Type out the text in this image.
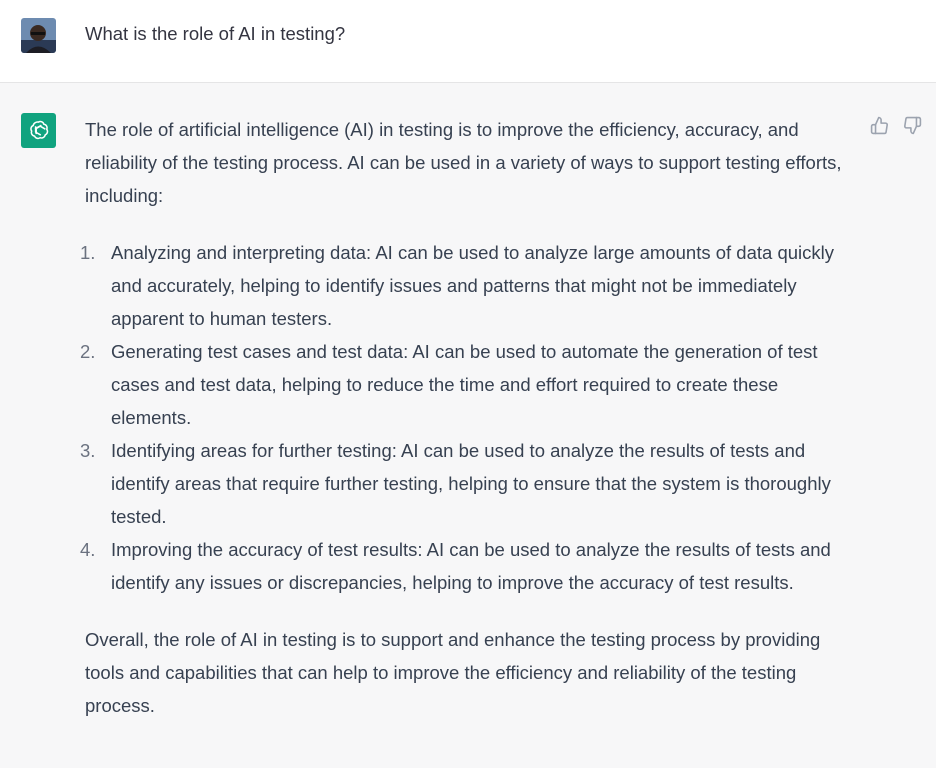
What is the role of AI in testing?

The role of artificial intelligence (AI) in testing is to improve the efficiency, accuracy, and reliability of the testing process. AI can be used in a variety of ways to support testing efforts, including:

1. Analyzing and interpreting data: AI can be used to analyze large amounts of data quickly and accurately, helping to identify issues and patterns that might not be immediately apparent to human testers.
2. Generating test cases and test data: AI can be used to automate the generation of test cases and test data, helping to reduce the time and effort required to create these elements.
3. Identifying areas for further testing: AI can be used to analyze the results of tests and identify areas that require further testing, helping to ensure that the system is thoroughly tested.
4. Improving the accuracy of test results: AI can be used to analyze the results of tests and identify any issues or discrepancies, helping to improve the accuracy of test results.

Overall, the role of AI in testing is to support and enhance the testing process by providing tools and capabilities that can help to improve the efficiency and reliability of the testing process.
